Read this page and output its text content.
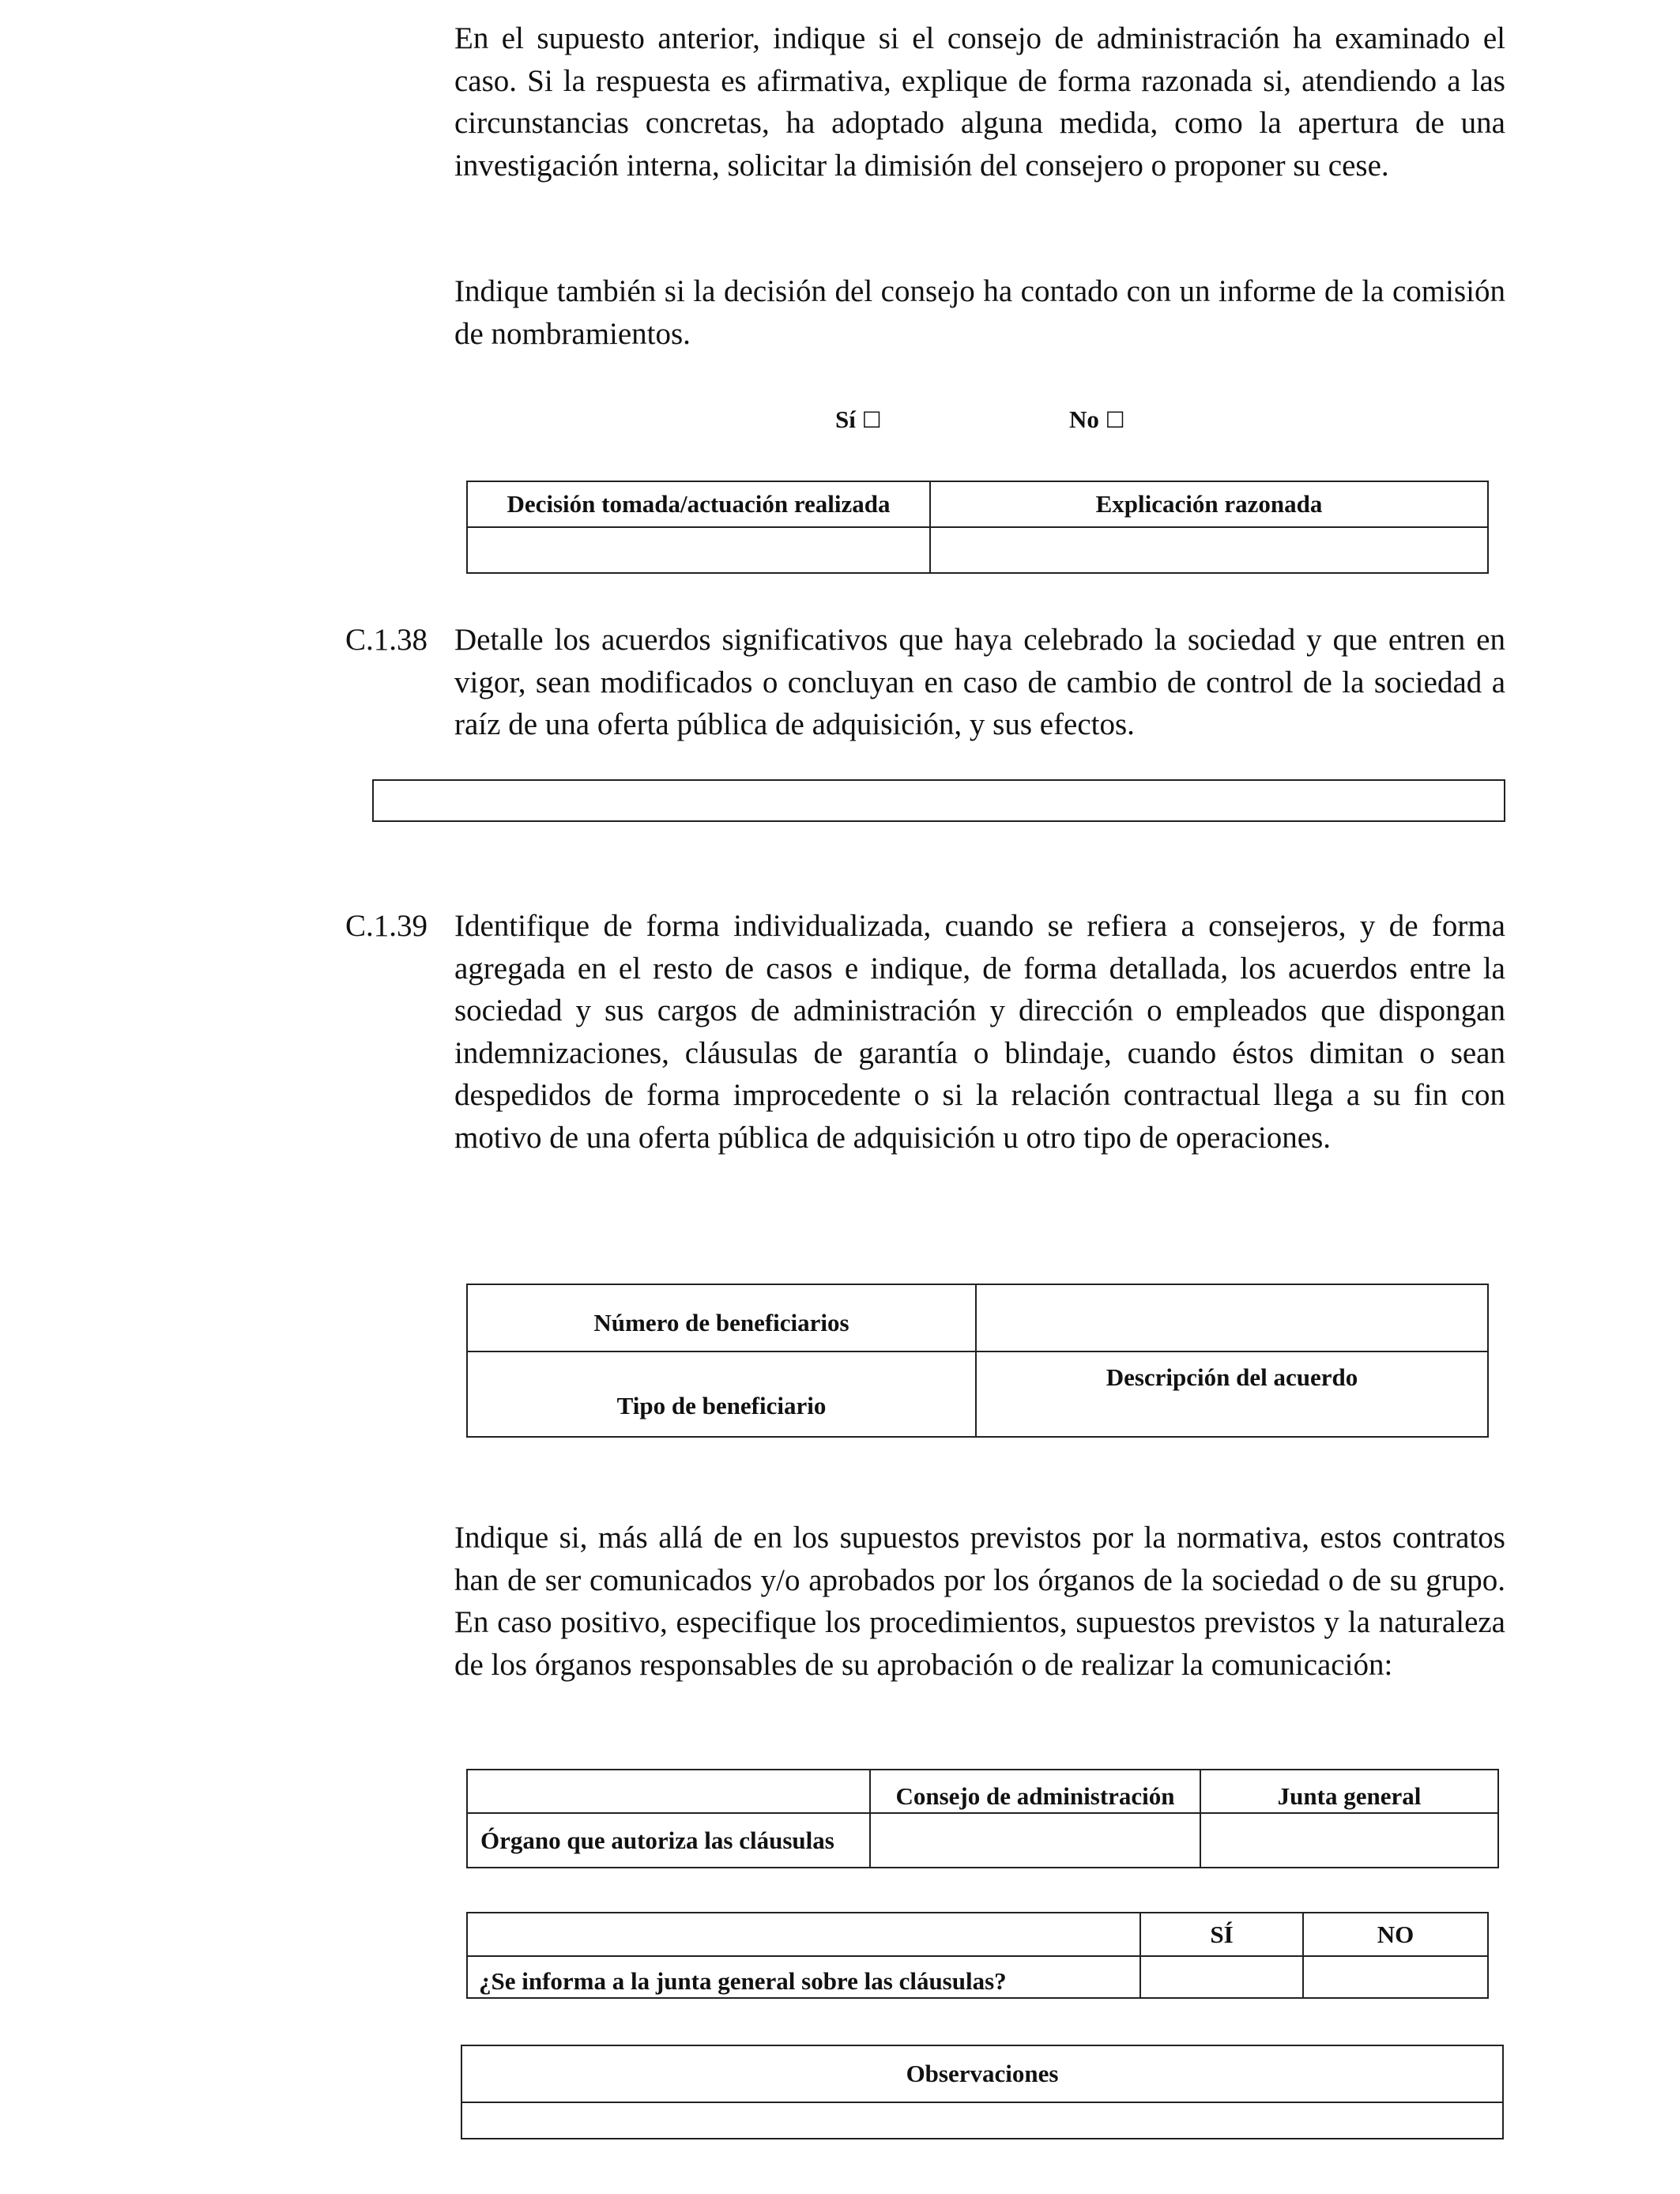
En el supuesto anterior, indique si el consejo de administración ha examinado el caso. Si la respuesta es afirmativa, explique de forma razonada si, atendiendo a las circunstancias concretas, ha adoptado alguna medida, como la apertura de una investigación interna, solicitar la dimisión del consejero o proponer su cese.
Indique también si la decisión del consejo ha contado con un informe de la comisión de nombramientos.
Sí ☐	No ☐
Decisión tomada/actuación realizada	Explicación razonada

C.1.38 Detalle los acuerdos significativos que haya celebrado la sociedad y que entren en vigor, sean modificados o concluyan en caso de cambio de control de la sociedad a raíz de una oferta pública de adquisición, y sus efectos.
C.1.39 Identifique de forma individualizada, cuando se refiera a consejeros, y de forma agregada en el resto de casos e indique, de forma detallada, los acuerdos entre la sociedad y sus cargos de administración y dirección o empleados que dispongan indemnizaciones, cláusulas de garantía o blindaje, cuando éstos dimitan o sean despedidos de forma improcedente o si la relación contractual llega a su fin con motivo de una oferta pública de adquisición u otro tipo de operaciones.
Número de beneficiarios	
Tipo de beneficiario	Descripción del acuerdo
Indique si, más allá de en los supuestos previstos por la normativa, estos contratos han de ser comunicados y/o aprobados por los órganos de la sociedad o de su grupo. En caso positivo, especifique los procedimientos, supuestos previstos y la naturaleza de los órganos responsables de su aprobación o de realizar la comunicación:
	Consejo de administración	Junta general
Órgano que autoriza las cláusulas		
	SÍ	NO
¿Se informa a la junta general sobre las cláusulas?		
Observaciones
